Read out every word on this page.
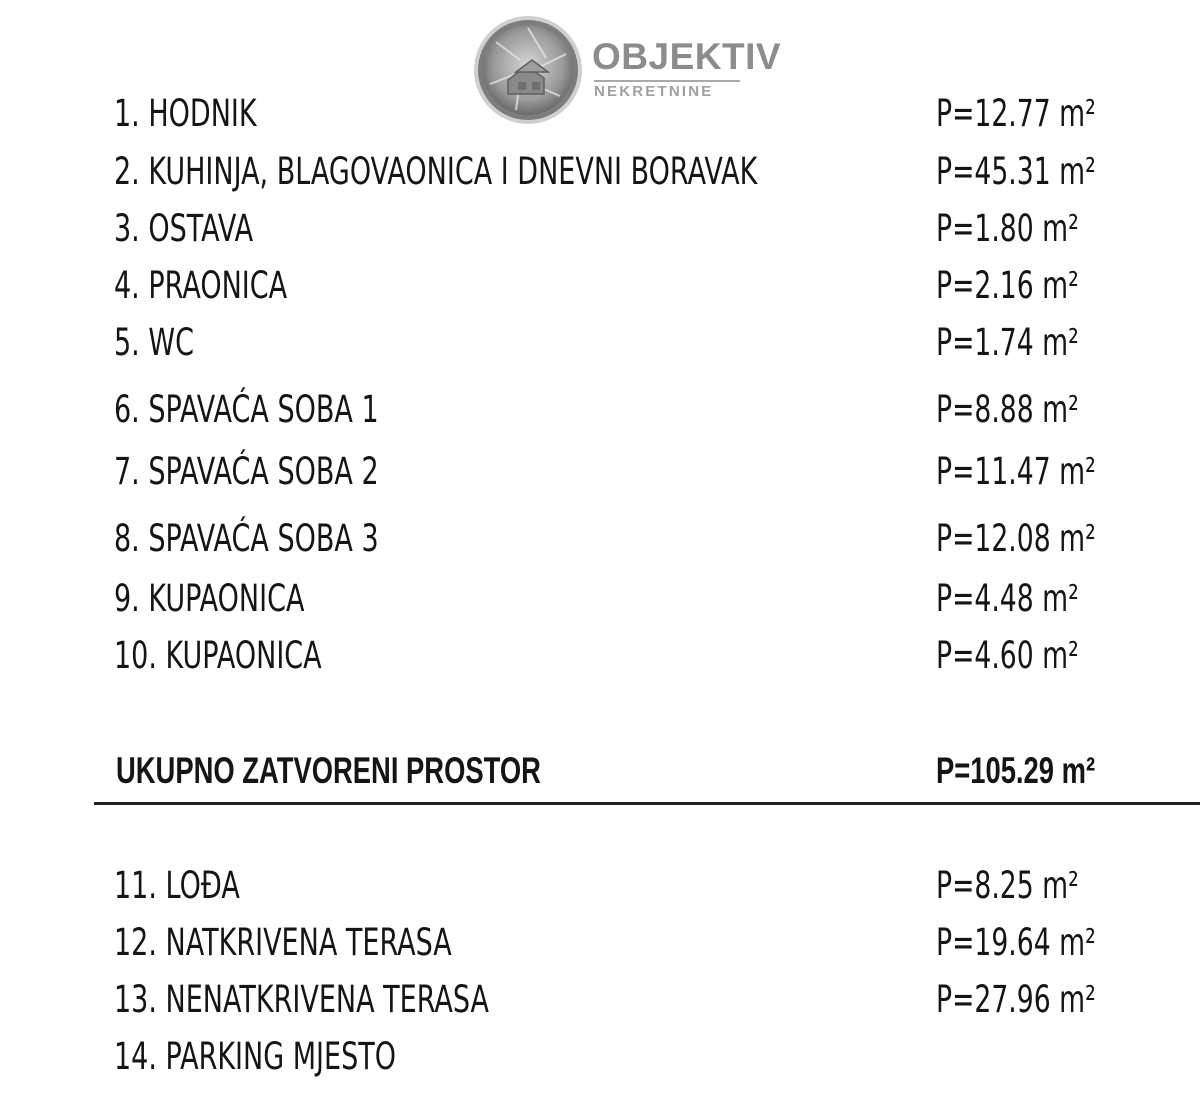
OBJEKTIV
NEKRETNINE
1. HODNIK	P=12.77 m²
2. KUHINJA, BLAGOVAONICA I DNEVNI BORAVAK	P=45.31 m²
3. OSTAVA	P=1.80 m²
4. PRAONICA	P=2.16 m²
5. WC	P=1.74 m²
6. SPAVAĆA SOBA 1	P=8.88 m²
7. SPAVAĆA SOBA 2	P=11.47 m²
8. SPAVAĆA SOBA 3	P=12.08 m²
9. KUPAONICA	P=4.48 m²
10. KUPAONICA	P=4.60 m²
UKUPNO ZATVORENI PROSTOR	P=105.29 m²
11. LOĐA	P=8.25 m²
12. NATKRIVENA TERASA	P=19.64 m²
13. NENATKRIVENA TERASA	P=27.96 m²
14. PARKING MJESTO
